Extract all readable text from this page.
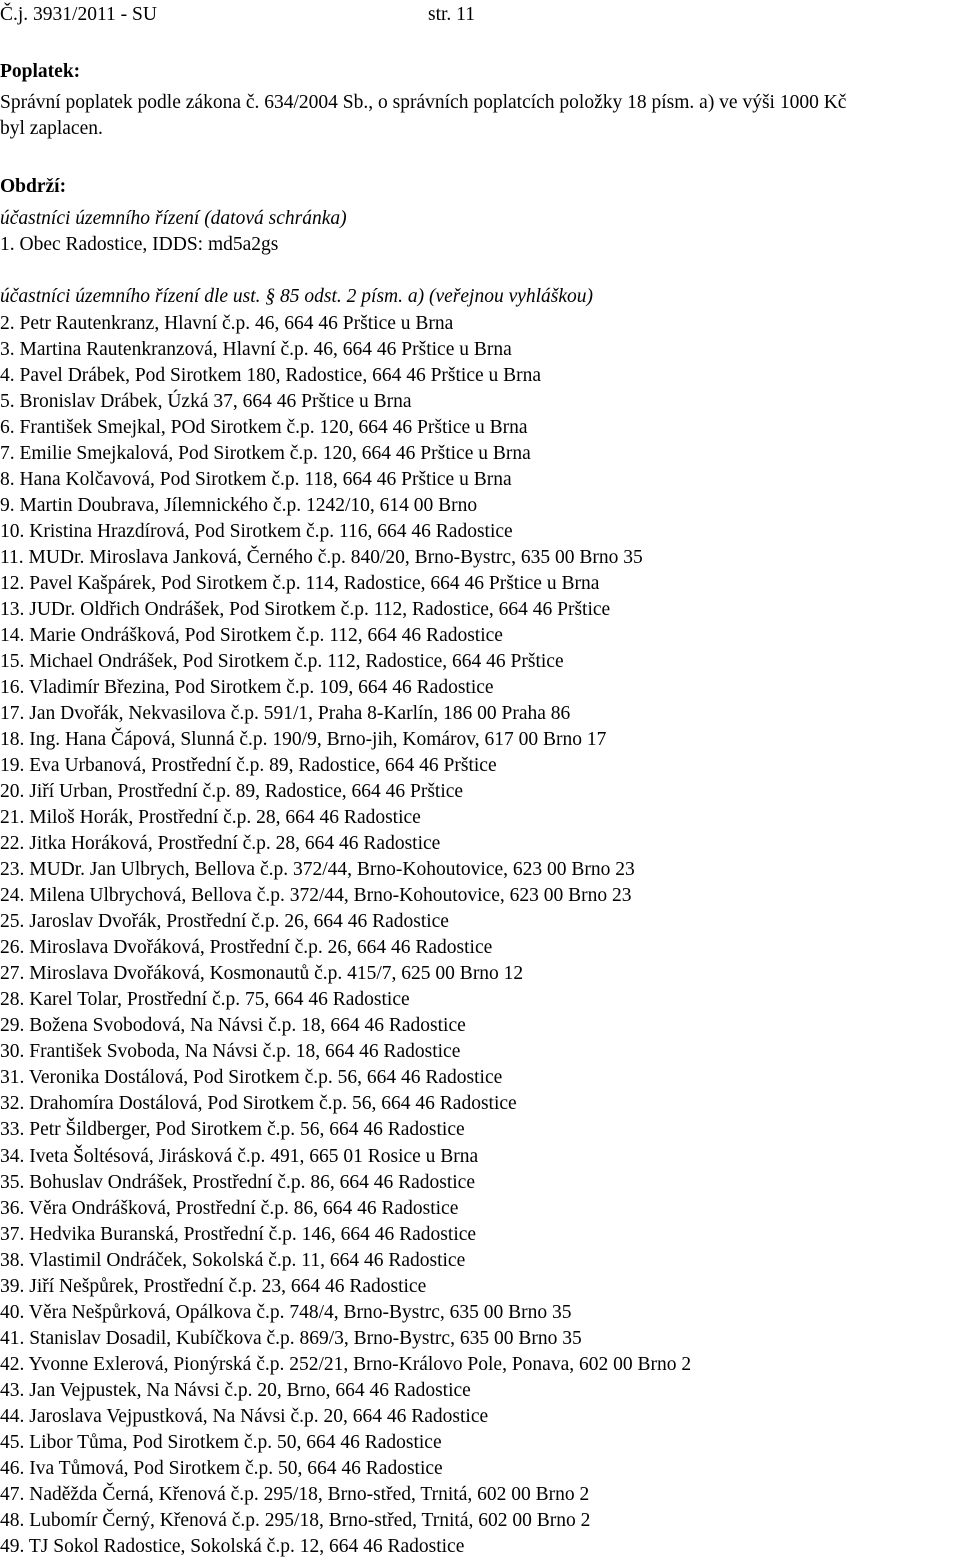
Č.j. 3931/2011 - SU	str. 11
Poplatek:
Správní poplatek podle zákona č. 634/2004 Sb., o správních poplatcích položky 18 písm. a) ve výši 1000 Kč
byl zaplacen.
Obdrží:
účastníci územního řízení (datová schránka)
1. Obec Radostice, IDDS: md5a2gs
účastníci územního řízení dle ust. § 85 odst. 2 písm. a) (veřejnou vyhláškou)
2. Petr Rautenkranz, Hlavní č.p. 46, 664 46 Prštice u Brna
3. Martina Rautenkranzová, Hlavní č.p. 46, 664 46 Prštice u Brna
4. Pavel Drábek, Pod Sirotkem 180, Radostice, 664 46 Prštice u Brna
5. Bronislav Drábek, Úzká 37, 664 46 Prštice u Brna
6. František Smejkal, POd Sirotkem č.p. 120, 664 46 Prštice u Brna
7. Emilie Smejkalová, Pod Sirotkem č.p. 120, 664 46 Prštice u Brna
8. Hana Kolčavová, Pod Sirotkem č.p. 118, 664 46 Prštice u Brna
9. Martin Doubrava, Jílemnického č.p. 1242/10, 614 00 Brno
10. Kristina Hrazdírová, Pod Sirotkem č.p. 116, 664 46 Radostice
11. MUDr. Miroslava Janková, Černého č.p. 840/20, Brno-Bystrc, 635 00 Brno 35
12. Pavel Kašpárek, Pod Sirotkem č.p. 114, Radostice, 664 46 Prštice u Brna
13. JUDr. Oldřich Ondrášek, Pod Sirotkem č.p. 112, Radostice, 664 46 Prštice
14. Marie Ondrášková, Pod Sirotkem č.p. 112, 664 46 Radostice
15. Michael Ondrášek, Pod Sirotkem č.p. 112, Radostice, 664 46 Prštice
16. Vladimír Březina, Pod Sirotkem č.p. 109, 664 46 Radostice
17. Jan Dvořák, Nekvasilova č.p. 591/1, Praha 8-Karlín, 186 00 Praha 86
18. Ing. Hana Čápová, Slunná č.p. 190/9, Brno-jih, Komárov, 617 00 Brno 17
19. Eva Urbanová, Prostřední č.p. 89, Radostice, 664 46 Prštice
20. Jiří Urban, Prostřední č.p. 89, Radostice, 664 46 Prštice
21. Miloš Horák, Prostřední č.p. 28, 664 46 Radostice
22. Jitka Horáková, Prostřední č.p. 28, 664 46 Radostice
23. MUDr. Jan Ulbrych, Bellova č.p. 372/44, Brno-Kohoutovice, 623 00 Brno 23
24. Milena Ulbrychová, Bellova č.p. 372/44, Brno-Kohoutovice, 623 00 Brno 23
25. Jaroslav Dvořák, Prostřední č.p. 26, 664 46 Radostice
26. Miroslava Dvořáková, Prostřední č.p. 26, 664 46 Radostice
27. Miroslava Dvořáková, Kosmonautů č.p. 415/7, 625 00 Brno 12
28. Karel Tolar, Prostřední č.p. 75, 664 46 Radostice
29. Božena Svobodová, Na Návsi č.p. 18, 664 46 Radostice
30. František Svoboda, Na Návsi č.p. 18, 664 46 Radostice
31. Veronika Dostálová, Pod Sirotkem č.p. 56, 664 46 Radostice
32. Drahomíra Dostálová, Pod Sirotkem č.p. 56, 664 46 Radostice
33. Petr Šildberger, Pod Sirotkem č.p. 56, 664 46 Radostice
34. Iveta Šoltésová, Jirásková č.p. 491, 665 01 Rosice u Brna
35. Bohuslav Ondrášek, Prostřední č.p. 86, 664 46 Radostice
36. Věra Ondrášková, Prostřední č.p. 86, 664 46 Radostice
37. Hedvika Buranská, Prostřední č.p. 146, 664 46 Radostice
38. Vlastimil Ondráček, Sokolská č.p. 11, 664 46 Radostice
39. Jiří Nešpůrek, Prostřední č.p. 23, 664 46 Radostice
40. Věra Nešpůrková, Opálkova č.p. 748/4, Brno-Bystrc, 635 00 Brno 35
41. Stanislav Dosadil, Kubíčkova č.p. 869/3, Brno-Bystrc, 635 00 Brno 35
42. Yvonne Exlerová, Pionýrská č.p. 252/21, Brno-Královo Pole, Ponava, 602 00 Brno 2
43. Jan Vejpustek, Na Návsi č.p. 20, Brno, 664 46 Radostice
44. Jaroslava Vejpustková, Na Návsi č.p. 20, 664 46 Radostice
45. Libor Tůma, Pod Sirotkem č.p. 50, 664 46 Radostice
46. Iva Tůmová, Pod Sirotkem č.p. 50, 664 46 Radostice
47. Naděžda Černá, Křenová č.p. 295/18, Brno-střed, Trnitá, 602 00 Brno 2
48. Lubomír Černý, Křenová č.p. 295/18, Brno-střed, Trnitá, 602 00 Brno 2
49. TJ Sokol Radostice, Sokolská č.p. 12, 664 46 Radostice
